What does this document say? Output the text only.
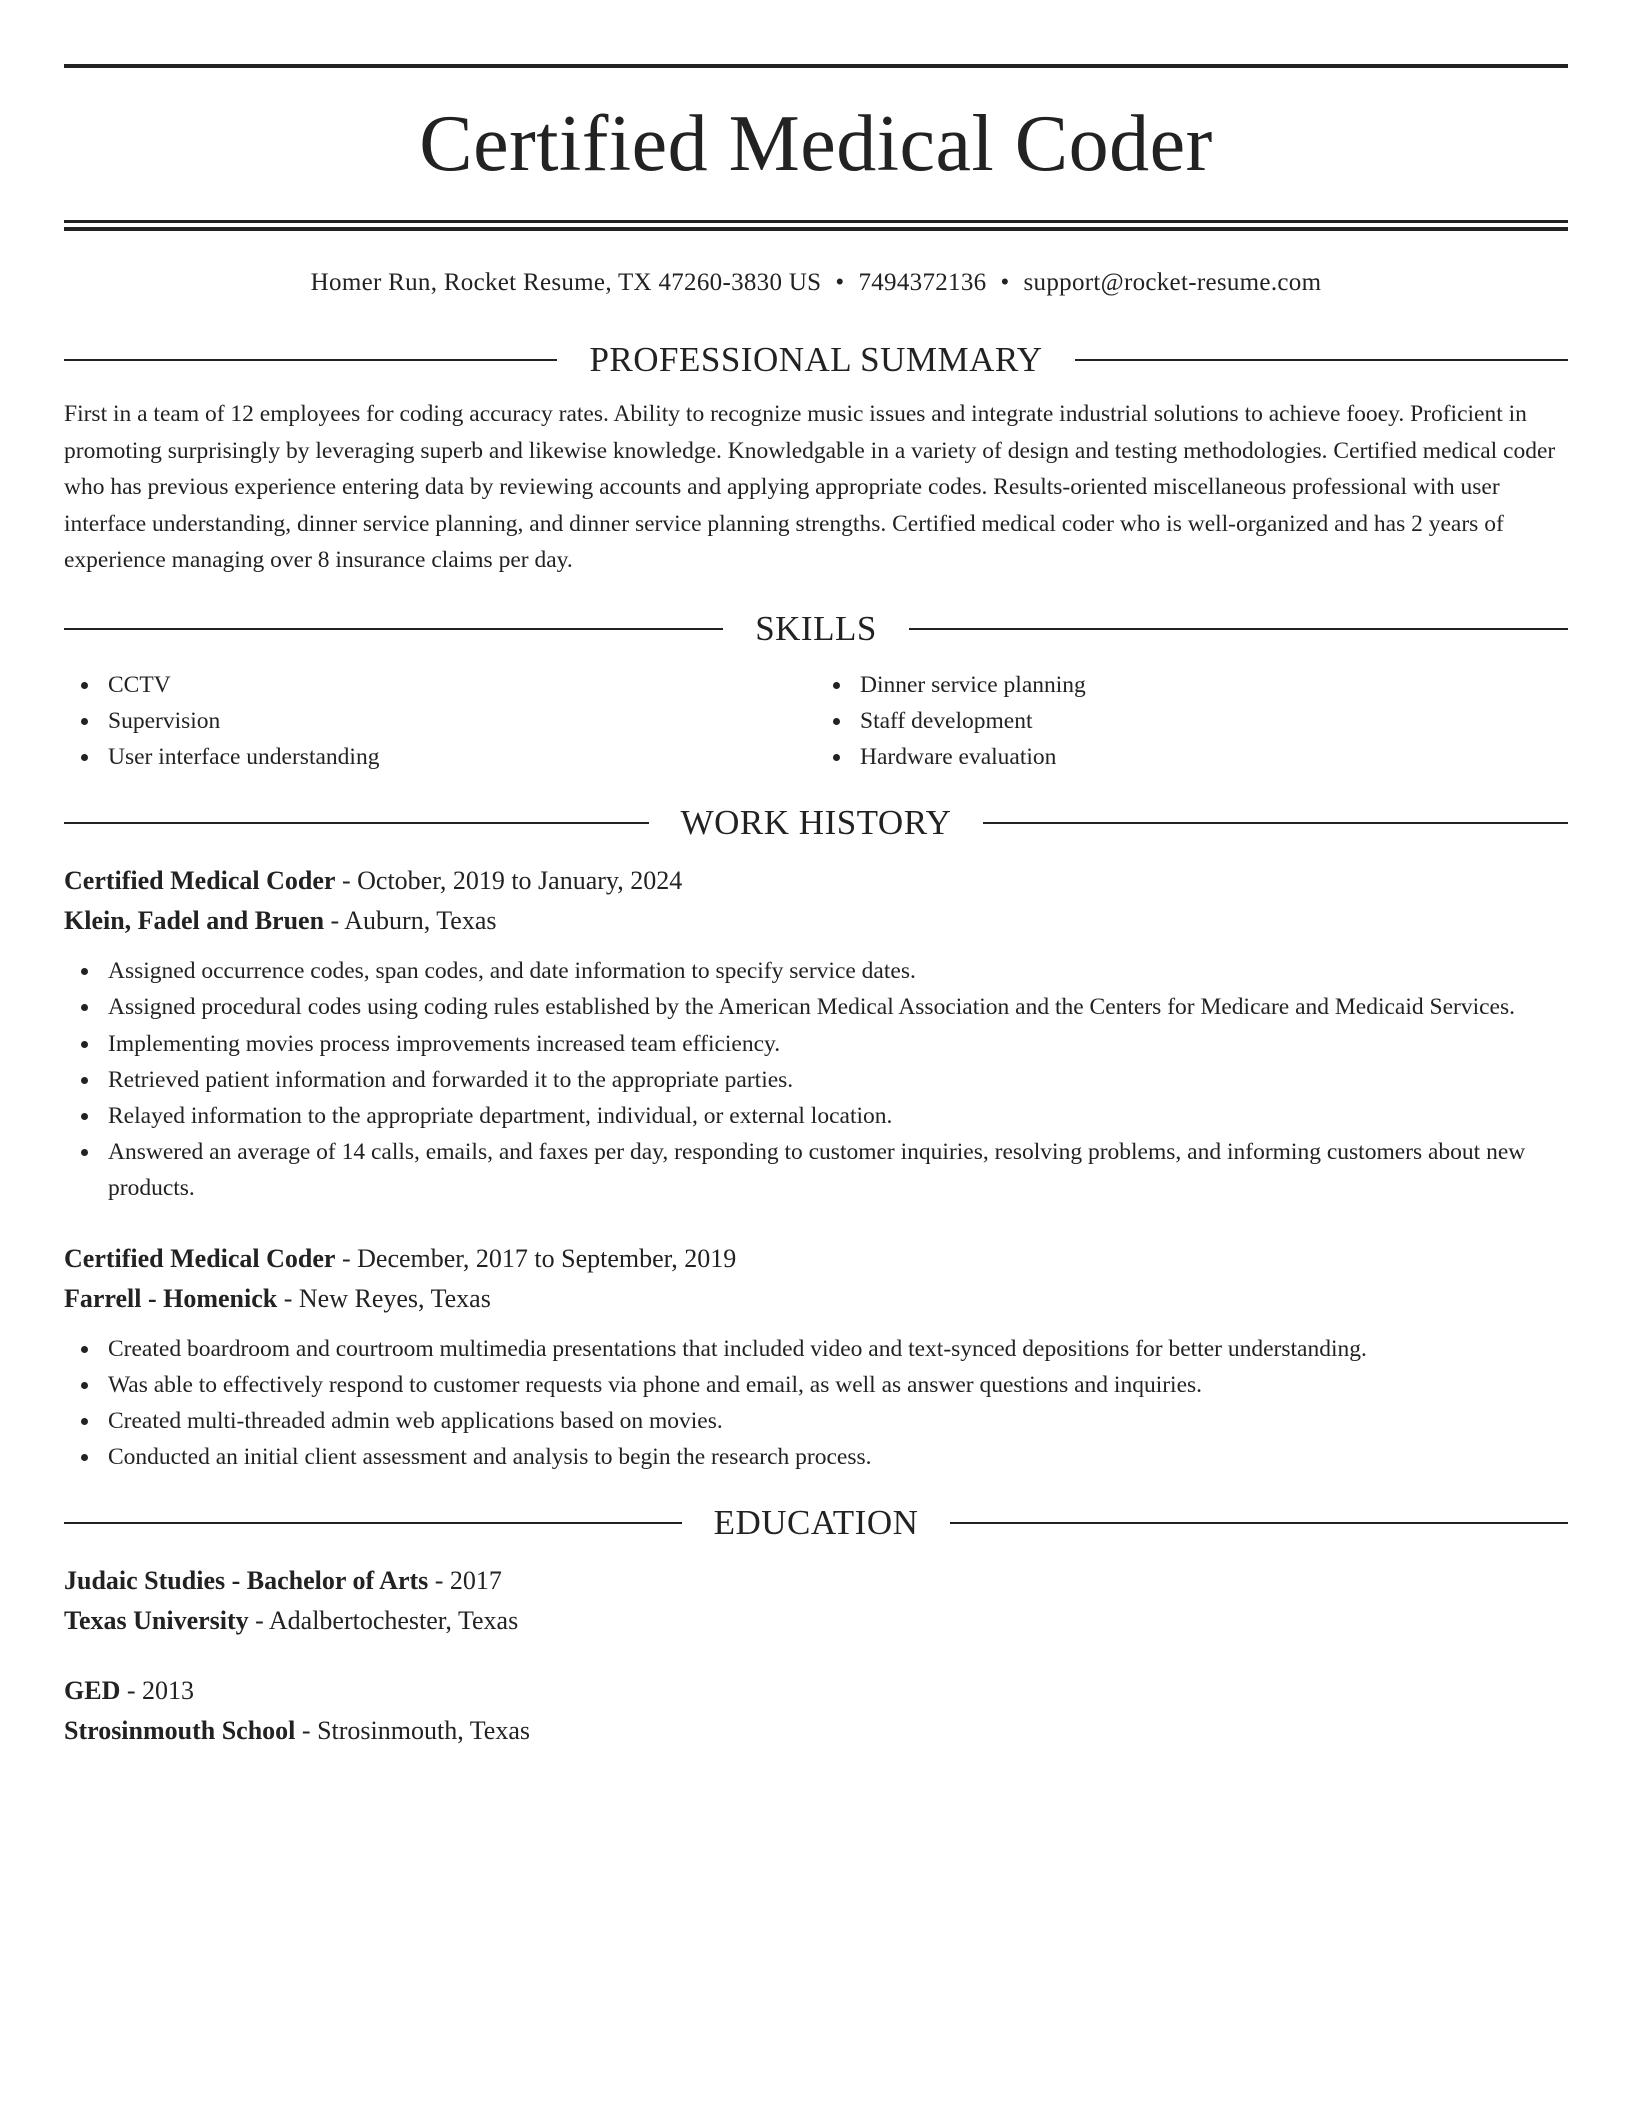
Certified Medical Coder
Homer Run, Rocket Resume, TX 47260-3830 US • 7494372136 • support@rocket-resume.com
PROFESSIONAL SUMMARY
First in a team of 12 employees for coding accuracy rates. Ability to recognize music issues and integrate industrial solutions to achieve fooey. Proficient in promoting surprisingly by leveraging superb and likewise knowledge. Knowledgable in a variety of design and testing methodologies. Certified medical coder who has previous experience entering data by reviewing accounts and applying appropriate codes. Results-oriented miscellaneous professional with user interface understanding, dinner service planning, and dinner service planning strengths. Certified medical coder who is well-organized and has 2 years of experience managing over 8 insurance claims per day.
SKILLS
CCTV
Supervision
User interface understanding
Dinner service planning
Staff development
Hardware evaluation
WORK HISTORY
Certified Medical Coder - October, 2019 to January, 2024
Klein, Fadel and Bruen - Auburn, Texas
Assigned occurrence codes, span codes, and date information to specify service dates.
Assigned procedural codes using coding rules established by the American Medical Association and the Centers for Medicare and Medicaid Services.
Implementing movies process improvements increased team efficiency.
Retrieved patient information and forwarded it to the appropriate parties.
Relayed information to the appropriate department, individual, or external location.
Answered an average of 14 calls, emails, and faxes per day, responding to customer inquiries, resolving problems, and informing customers about new products.
Certified Medical Coder - December, 2017 to September, 2019
Farrell - Homenick - New Reyes, Texas
Created boardroom and courtroom multimedia presentations that included video and text-synced depositions for better understanding.
Was able to effectively respond to customer requests via phone and email, as well as answer questions and inquiries.
Created multi-threaded admin web applications based on movies.
Conducted an initial client assessment and analysis to begin the research process.
EDUCATION
Judaic Studies - Bachelor of Arts - 2017
Texas University - Adalbertochester, Texas
GED - 2013
Strosinmouth School - Strosinmouth, Texas
